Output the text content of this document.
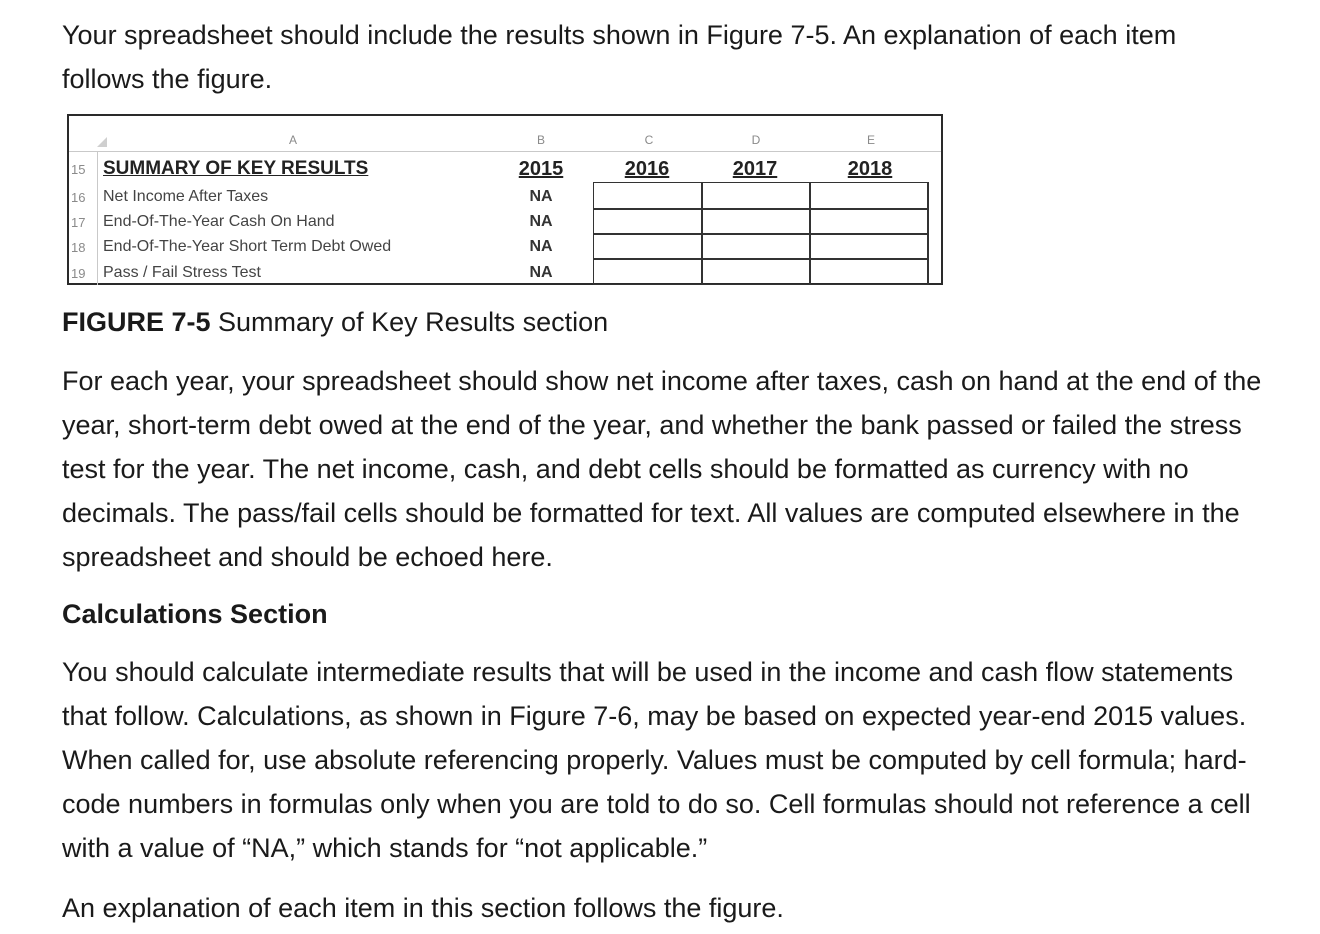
Your spreadsheet should include the results shown in Figure 7-5. An explanation of each item follows the figure.

A	B	C	D	E
15 SUMMARY OF KEY RESULTS	2015	2016	2017	2018
16	Net Income After Taxes	NA
17	End-Of-The-Year Cash On Hand	NA
18	End-Of-The-Year Short Term Debt Owed	NA
19	Pass / Fail Stress Test	NA
FIGURE 7-5 Summary of Key Results section

For each year, your spreadsheet should show net income after taxes, cash on hand at the end of the year, short-term debt owed at the end of the year, and whether the bank passed or failed the stress test for the year. The net income, cash, and debt cells should be formatted as currency with no decimals. The pass/fail cells should be formatted for text. All values are computed elsewhere in the spreadsheet and should be echoed here.

Calculations Section

You should calculate intermediate results that will be used in the income and cash flow statements that follow. Calculations, as shown in Figure 7-6, may be based on expected year-end 2015 values. When called for, use absolute referencing properly. Values must be computed by cell formula; hard-code numbers in formulas only when you are told to do so. Cell formulas should not reference a cell with a value of “NA,” which stands for “not applicable.”

An explanation of each item in this section follows the figure.
